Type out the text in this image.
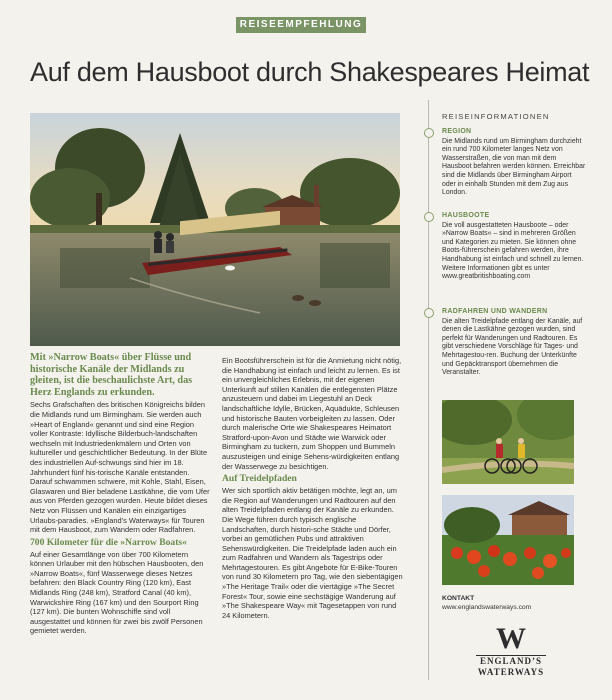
REISEEMPFEHLUNG
Auf dem Hausboot durch Shakespeares Heimat

Mit »Narrow Boats« über Flüsse und historische Kanäle der Midlands zu gleiten, ist die beschaulichste Art, das Herz Englands zu erkunden.

Sechs Grafschaften des britischen Königreichs bilden die Midlands rund um Birmingham. Sie werden auch »Heart of England« genannt und sind eine Region voller Kontraste: Idyllische Bilderbuch-landschaften wechseln mit Industriedenkmälern und Orten von kultureller und geschichtlicher Bedeutung. In der Blüte des industriellen Auf-schwungs sind hier im 18. Jahrhundert fünf his-torische Kanäle entstanden. Darauf schwammen schwere, mit Kohle, Stahl, Eisen, Glaswaren und Bier beladene Lastkähne, die vom Ufer aus von Pferden gezogen wurden. Heute bildet dieses Netz von Flüssen und Kanälen ein einzigartiges Urlaubs-paradies. »England’s Waterways« für Touren mit dem Hausboot, zum Wandern oder Radfahren.

700 Kilometer für die »Narrow Boats«

Auf einer Gesamtlänge von über 700 Kilometern können Urlauber mit den hübschen Hausbooten, den »Narrow Boats«, fünf Wasserwege dieses Netzes befahren: den Black Country Ring (120 km), East Midlands Ring (248 km), Stratford Canal (40 km), Warwickshire Ring (167 km) und den Sourport Ring (127 km). Die bunten Wohnschiffe sind voll ausgestattet und können für zwei bis zwölf Personen gemietet werden.

Ein Bootsführerschein ist für die Anmietung nicht nötig, die Handhabung ist einfach und leicht zu lernen. Es ist ein unvergleichliches Erlebnis, mit der eigenen Unterkunft auf stillen Kanälen die entlegensten Plätze anzusteuern und dabei im Liegestuhl an Deck landschaftliche Idylle, Brücken, Aquädukte, Schleusen und historische Bauten vorbeigleiten zu lassen. Oder durch malerische Orte wie Shakespeares Heimatort Stratford-upon-Avon und Städte wie Warwick oder Birmingham zu tuckern, zum Shoppen und Bummeln auszusteigen und einige Sehens-würdigkeiten entlang der Wasserwege zu besichtigen.

Auf Treidelpfaden

Wer sich sportlich aktiv betätigen möchte, legt an, um die Region auf Wanderungen und Radtouren auf den alten Treidelpfaden entlang der Kanäle zu erkunden. Die Wege führen durch typisch englische Landschaften, durch histori-sche Städte und Dörfer, vorbei an gemütlichen Pubs und attraktiven Sehenswürdigkeiten. Die Treidelpfade laden auch ein zum Radfahren und Wandern als Tagestrips oder Mehrtagestouren. Es gibt Angebote für E-Bike-Touren von rund 30 Kilometern pro Tag, wie den siebentägigen »The Heritage Trail« oder die viertägige »The Secret Forest« Tour, sowie eine sechstägige Wanderung auf »The Shakespeare Way« mit Tagesetappen von rund 24 Kilometern.

REISEINFORMATIONEN
REGION
Die Midlands rund um Birmingham durchzieht ein rund 700 Kilometer langes Netz von Wasserstraßen, die von man mit dem Hausboot befahren werden können. Erreichbar sind die Midlands über Birmingham Airport oder in einhalb Stunden mit dem Zug aus London.
HAUSBOOTE
Die voll ausgestatteten Hausboote – oder »Narrow Boats« – sind in mehreren Größen und Kategorien zu mieten. Sie können ohne Boots-führerschein gefahren werden, ihre Handhabung ist einfach und schnell zu lernen. Weitere Informationen gibt es unter www.greatbritishboating.com
RADFAHREN UND WANDERN
Die alten Treidelpfade entlang der Kanäle, auf denen die Lastkähne gezogen wurden, sind perfekt für Wanderungen und Radtouren. Es gibt verschiedene Vorschläge für Tages- und Mehrtagestou-ren. Buchung der Unterkünfte und Gepäcktransport übernehmen die Veranstalter.
KONTAKT
www.englandswaterways.com
W
ENGLAND’S
WATERWAYS
